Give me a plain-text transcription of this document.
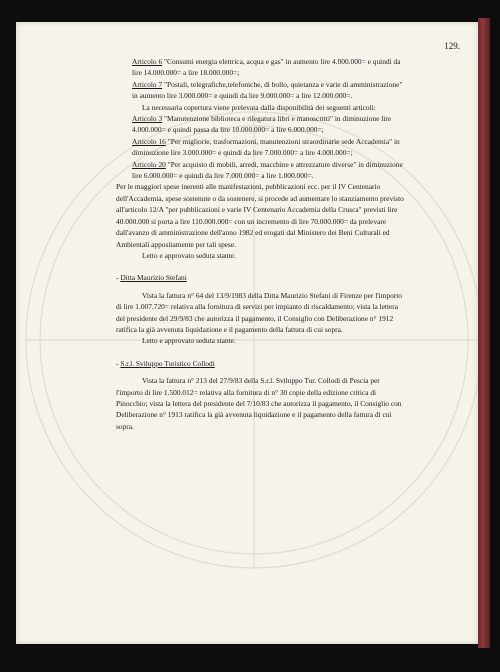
129.
Articolo 6 "Consumi energia elettrica, acqua e gas" in aumento lire 4.000.000= e quindi da lire 14.000.000= a lire 18.000.000=;
Articolo 7 "Postali, telegrafiche,telefoniche, di bollo, quietanza e varie di amministrazione" in aumento lire 3.000.000= e quindi da lire 9.000.000= a lire 12.000.000=.

La necessaria copertura viene prelevata dalla disponibilità dei seguenti articoli:

Articolo 3 "Manutenzione biblioteca e rilegatura libri e manoscritti" in diminuzione lire 4.000.000= e quindi passa da lire 10.000.000= a lire 6.000.000=;
Articolo 16 "Per migliorie, trasformazioni, manutenzioni straordinarie sede Accademia" in diminuzione lire 3.000.000= e quindi da lire 7.000.000= a lire 4.000.000=;
Articolo 20 "Per acquisto di mobili, arredi, macchine e attrezzature diverse" in diminuzione lire 6.000.000= e quindi da lire 7.000.000= a lire 1.000.000=.

Per le maggiori spese inerenti alle manifestazioni, pubblicazioni ecc. per il IV Centenario dell'Accademia, spese sostenute o da sostenere, si procede ad aumentare lo stanziamento previsto all'articolo 12/A "per pubblicazioni e varie IV Centenario Accademia della Crusca" previsti lire 40.000.000 si porta a lire 110.000.000= con un incremento di lire 70.000.000= da prelevare dall'avanzo di amministrazione dell'anno 1982 ed erogati dal Ministero dei Beni Culturali ed Ambientali appositamente per tali spese.

Letto e approvato seduta stante.

- Ditta Maurizio Stefani

Vista la fattura n° 64 del 13/9/1983 della Ditta Maurizio Stefani di Firenze per l'importo di lire 1.007.720= relativa alla fornitura di servizi per impianto di riscaldamento; vista la lettera del presidente del 29/9/83 che autorizza il pagamento, il Consiglio con Deliberazione n° 1912 ratifica la già avvenuta liquidazione e il pagamento della fattura di cui sopra.

Letto e approvato seduta stante.

- S.r.l. Sviluppo Turistico Collodi

Vista la fattura n° 213 del 27/9/83 della S.r.l. Sviluppo Tur. Collodi di Pescia per l'importo di lire 1.500.012= relativa alla fornitura di n° 30 copie della edizione critica di Pinocchio; vista la lettera del presidente del 7/10/83 che autorizza il pagamento, il Consiglio con Deliberazione n° 1913 ratifica la già avvenuta liquidazione e il pagamento della fattura di cui sopra.
